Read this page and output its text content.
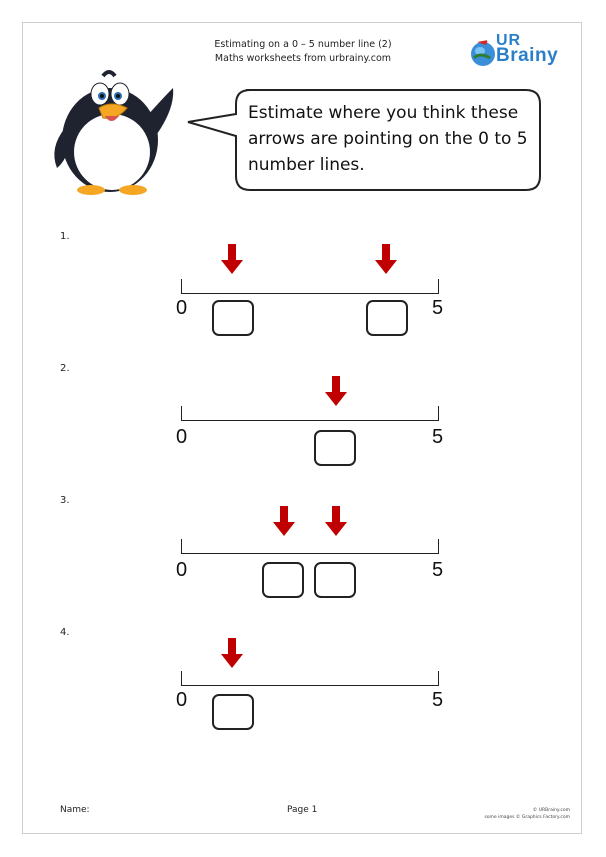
Estimating on a 0 – 5 number line (2)
Maths worksheets from urbrainy.com
UR
Brainy
Estimate where you think these arrows are pointing on the 0 to 5 number lines.
1.
0	5
2.
0	5
3.
0	5
4.
0	5
Name:	Page 1	© URBrainy.com
some images © Graphics Factory.com
